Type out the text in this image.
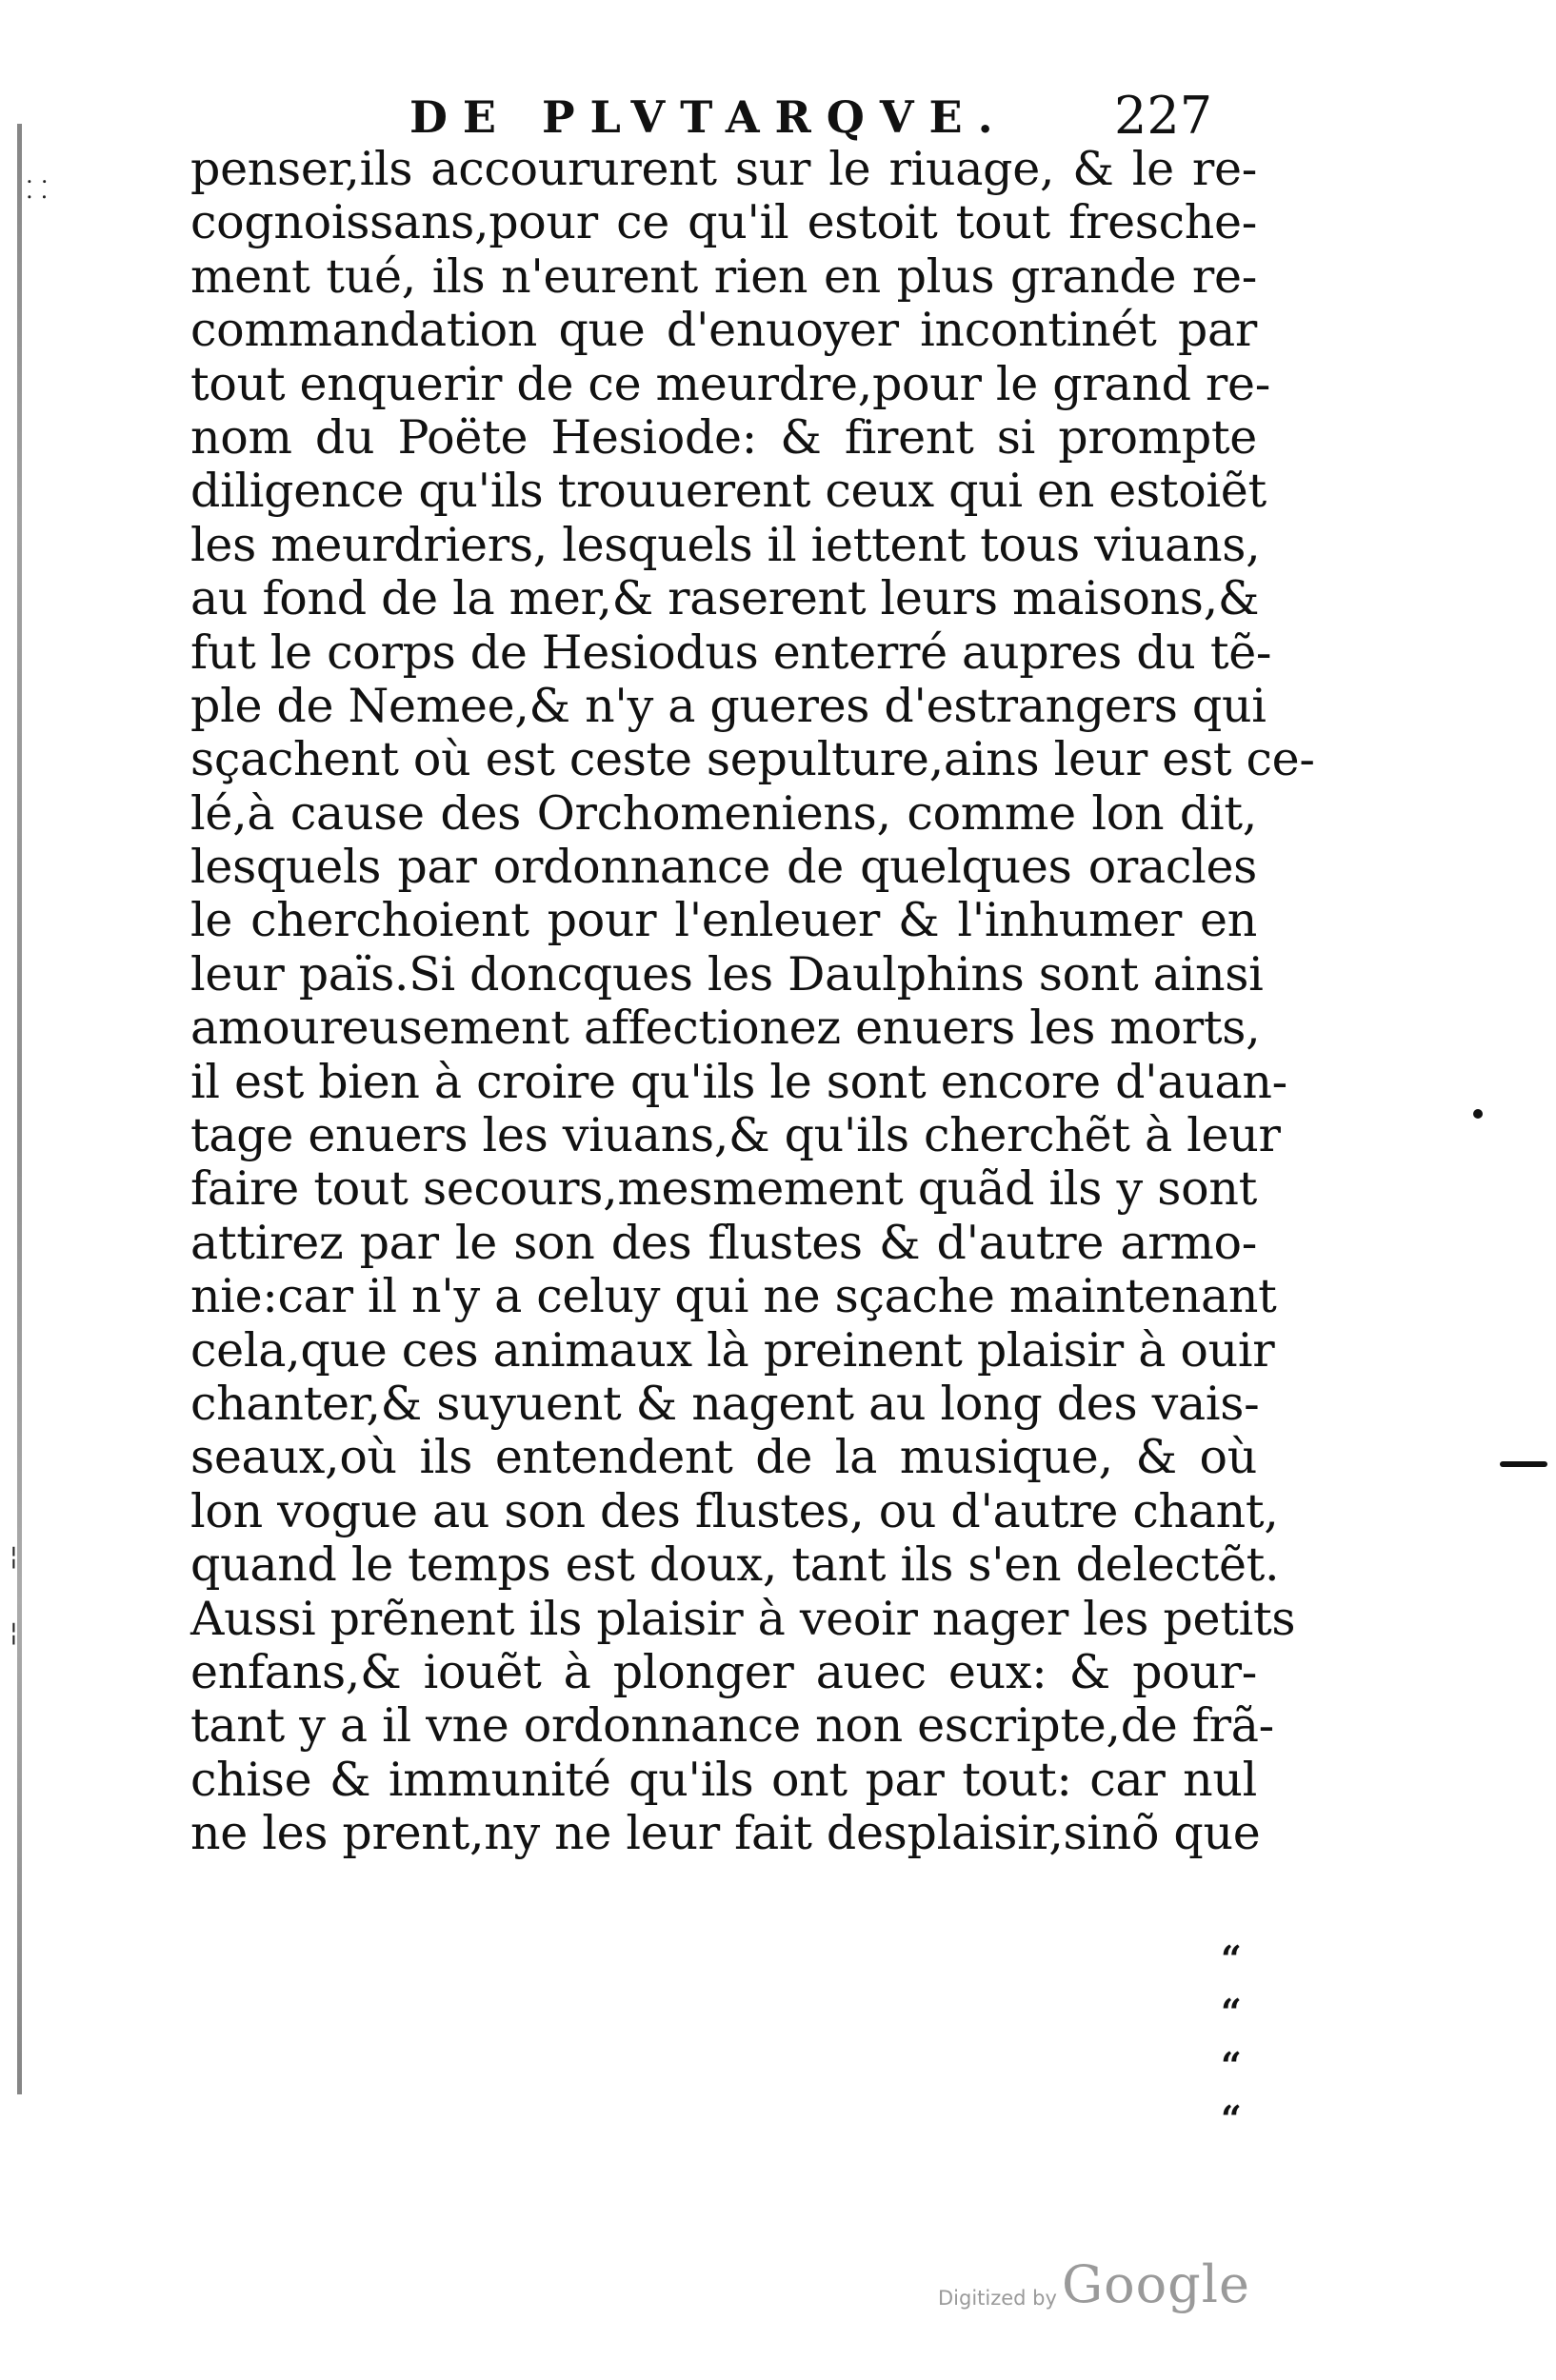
⸬
¦
¦
DE PLVTARQVE. 227
penser,ils accoururent sur le riuage, & le re-
cognoissans,pour ce qu'il estoit tout fresche-
ment tué, ils n'eurent rien en plus grande re-
commandation que d'enuoyer incontinét par
tout enquerir de ce meurdre,pour le grand re-
nom du Poëte Hesiode: & firent si prompte
diligence qu'ils trouuerent ceux qui en estoiẽt
les meurdriers, lesquels il iettent tous viuans,
au fond de la mer,& raserent leurs maisons,&
fut le corps de Hesiodus enterré aupres du tẽ-
ple de Nemee,& n'y a gueres d'estrangers qui
sçachent où est ceste sepulture,ains leur est ce-
lé,à cause des Orchomeniens, comme lon dit,
lesquels par ordonnance de quelques oracles
le cherchoient pour l'enleuer & l'inhumer en
leur païs.Si doncques les Daulphins sont ainsi
amoureusement affectionez enuers les morts,
il est bien à croire qu'ils le sont encore d'auan-
tage enuers les viuans,& qu'ils cherchẽt à leur
faire tout secours,mesmement quãd ils y sont
attirez par le son des flustes & d'autre armo-
nie:car il n'y a celuy qui ne sçache maintenant
cela,que ces animaux là preinent plaisir à ouir
chanter,& suyuent & nagent au long des vais-
seaux,où ils entendent de la musique, & où
lon vogue au son des flustes, ou d'autre chant,
quand le temps est doux, tant ils s'en delectẽt.
Aussi prẽnent ils plaisir à veoir nager les petits
enfans,& iouẽt à plonger auec eux: & pour-
tant y a il vne ordonnance non escripte,de frã-
chise & immunité qu'ils ont par tout: car nul
ne les prent,ny ne leur fait desplaisir,sinõ que
“
“
“
“
Digitized by Google
